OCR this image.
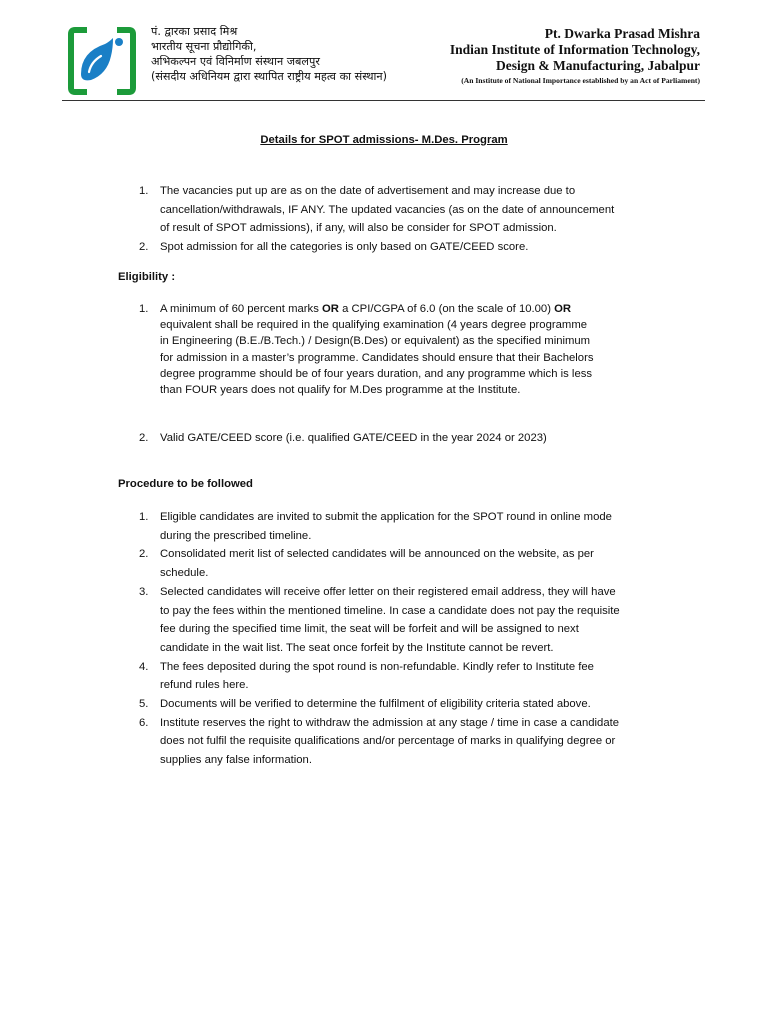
पं. द्वारका प्रसाद मिश्र
भारतीय सूचना प्रौद्योगिकी,
अभिकल्पन एवं विनिर्माण संस्थान जबलपुर
(संसदीय अधिनियम द्वारा स्थापित राष्ट्रीय महत्व का संस्थान)
Pt. Dwarka Prasad Mishra
Indian Institute of Information Technology,
Design & Manufacturing, Jabalpur
(An Institute of National Importance established by an Act of Parliament)
Details for SPOT admissions- M.Des. Program
1. The vacancies put up are as on the date of advertisement and may increase due to
cancellation/withdrawals, IF ANY. The updated vacancies (as on the date of announcement
of result of SPOT admissions), if any, will also be consider for SPOT admission.
2. Spot admission for all the categories is only based on GATE/CEED score.
Eligibility :
1. A minimum of 60 percent marks OR a CPI/CGPA of 6.0 (on the scale of 10.00) OR
equivalent shall be required in the qualifying examination (4 years degree programme
in Engineering (B.E./B.Tech.) / Design(B.Des) or equivalent) as the specified minimum
for admission in a master’s programme. Candidates should ensure that their Bachelors
degree programme should be of four years duration, and any programme which is less
than FOUR years does not qualify for M.Des programme at the Institute.
2. Valid GATE/CEED score (i.e. qualified GATE/CEED in the year 2024 or 2023)
Procedure to be followed
1. Eligible candidates are invited to submit the application for the SPOT round in online mode
during the prescribed timeline.
2. Consolidated merit list of selected candidates will be announced on the website, as per
schedule.
3. Selected candidates will receive offer letter on their registered email address, they will have
to pay the fees within the mentioned timeline. In case a candidate does not pay the requisite
fee during the specified time limit, the seat will be forfeit and will be assigned to next
candidate in the wait list. The seat once forfeit by the Institute cannot be revert.
4. The fees deposited during the spot round is non-refundable. Kindly refer to Institute fee
refund rules here.
5. Documents will be verified to determine the fulfilment of eligibility criteria stated above.
6. Institute reserves the right to withdraw the admission at any stage / time in case a candidate
does not fulfil the requisite qualifications and/or percentage of marks in qualifying degree or
supplies any false information.
